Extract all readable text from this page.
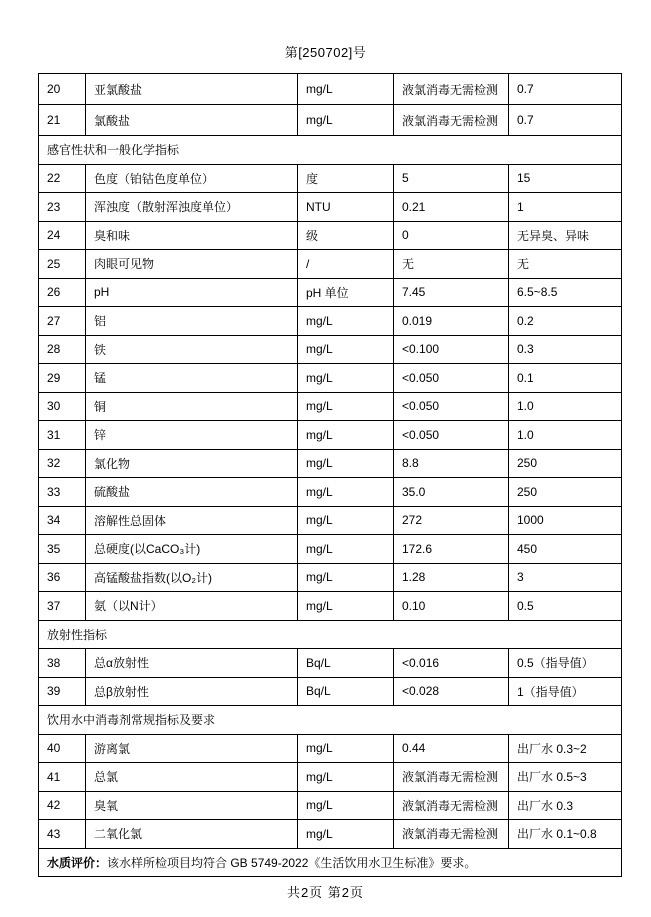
第[250702]号
20	亚氯酸盐	mg/L	液氯消毒无需检测	0.7
21	氯酸盐	mg/L	液氯消毒无需检测	0.7
感官性状和一般化学指标				
22	色度（铂钴色度单位）	度	5	15
23	浑浊度（散射浑浊度单位）	NTU	0.21	1
24	臭和味	级	0	无异臭、异味
25	肉眼可见物	/	无	无
26	pH	pH 单位	7.45	6.5~8.5
27	铝	mg/L	0.019	0.2
28	铁	mg/L	<0.100	0.3
29	锰	mg/L	<0.050	0.1
30	铜	mg/L	<0.050	1.0
31	锌	mg/L	<0.050	1.0
32	氯化物	mg/L	8.8	250
33	硫酸盐	mg/L	35.0	250
34	溶解性总固体	mg/L	272	1000
35	总硬度(以CaCO₃计)	mg/L	172.6	450
36	高锰酸盐指数(以O₂计)	mg/L	1.28	3
37	氨（以N计）	mg/L	0.10	0.5
放射性指标				
38	总α放射性	Bq/L	<0.016	0.5（指导值）
39	总β放射性	Bq/L	<0.028	1（指导值）
饮用水中消毒剂常规指标及要求				
40	游离氯	mg/L	0.44	出厂水 0.3~2
41	总氯	mg/L	液氯消毒无需检测	出厂水 0.5~3
42	臭氧	mg/L	液氯消毒无需检测	出厂水 0.3
43	二氧化氯	mg/L	液氯消毒无需检测	出厂水 0.1~0.8
水质评价：该水样所检项目均符合 GB 5749-2022《生活饮用水卫生标准》要求。				
共2页 第2页
